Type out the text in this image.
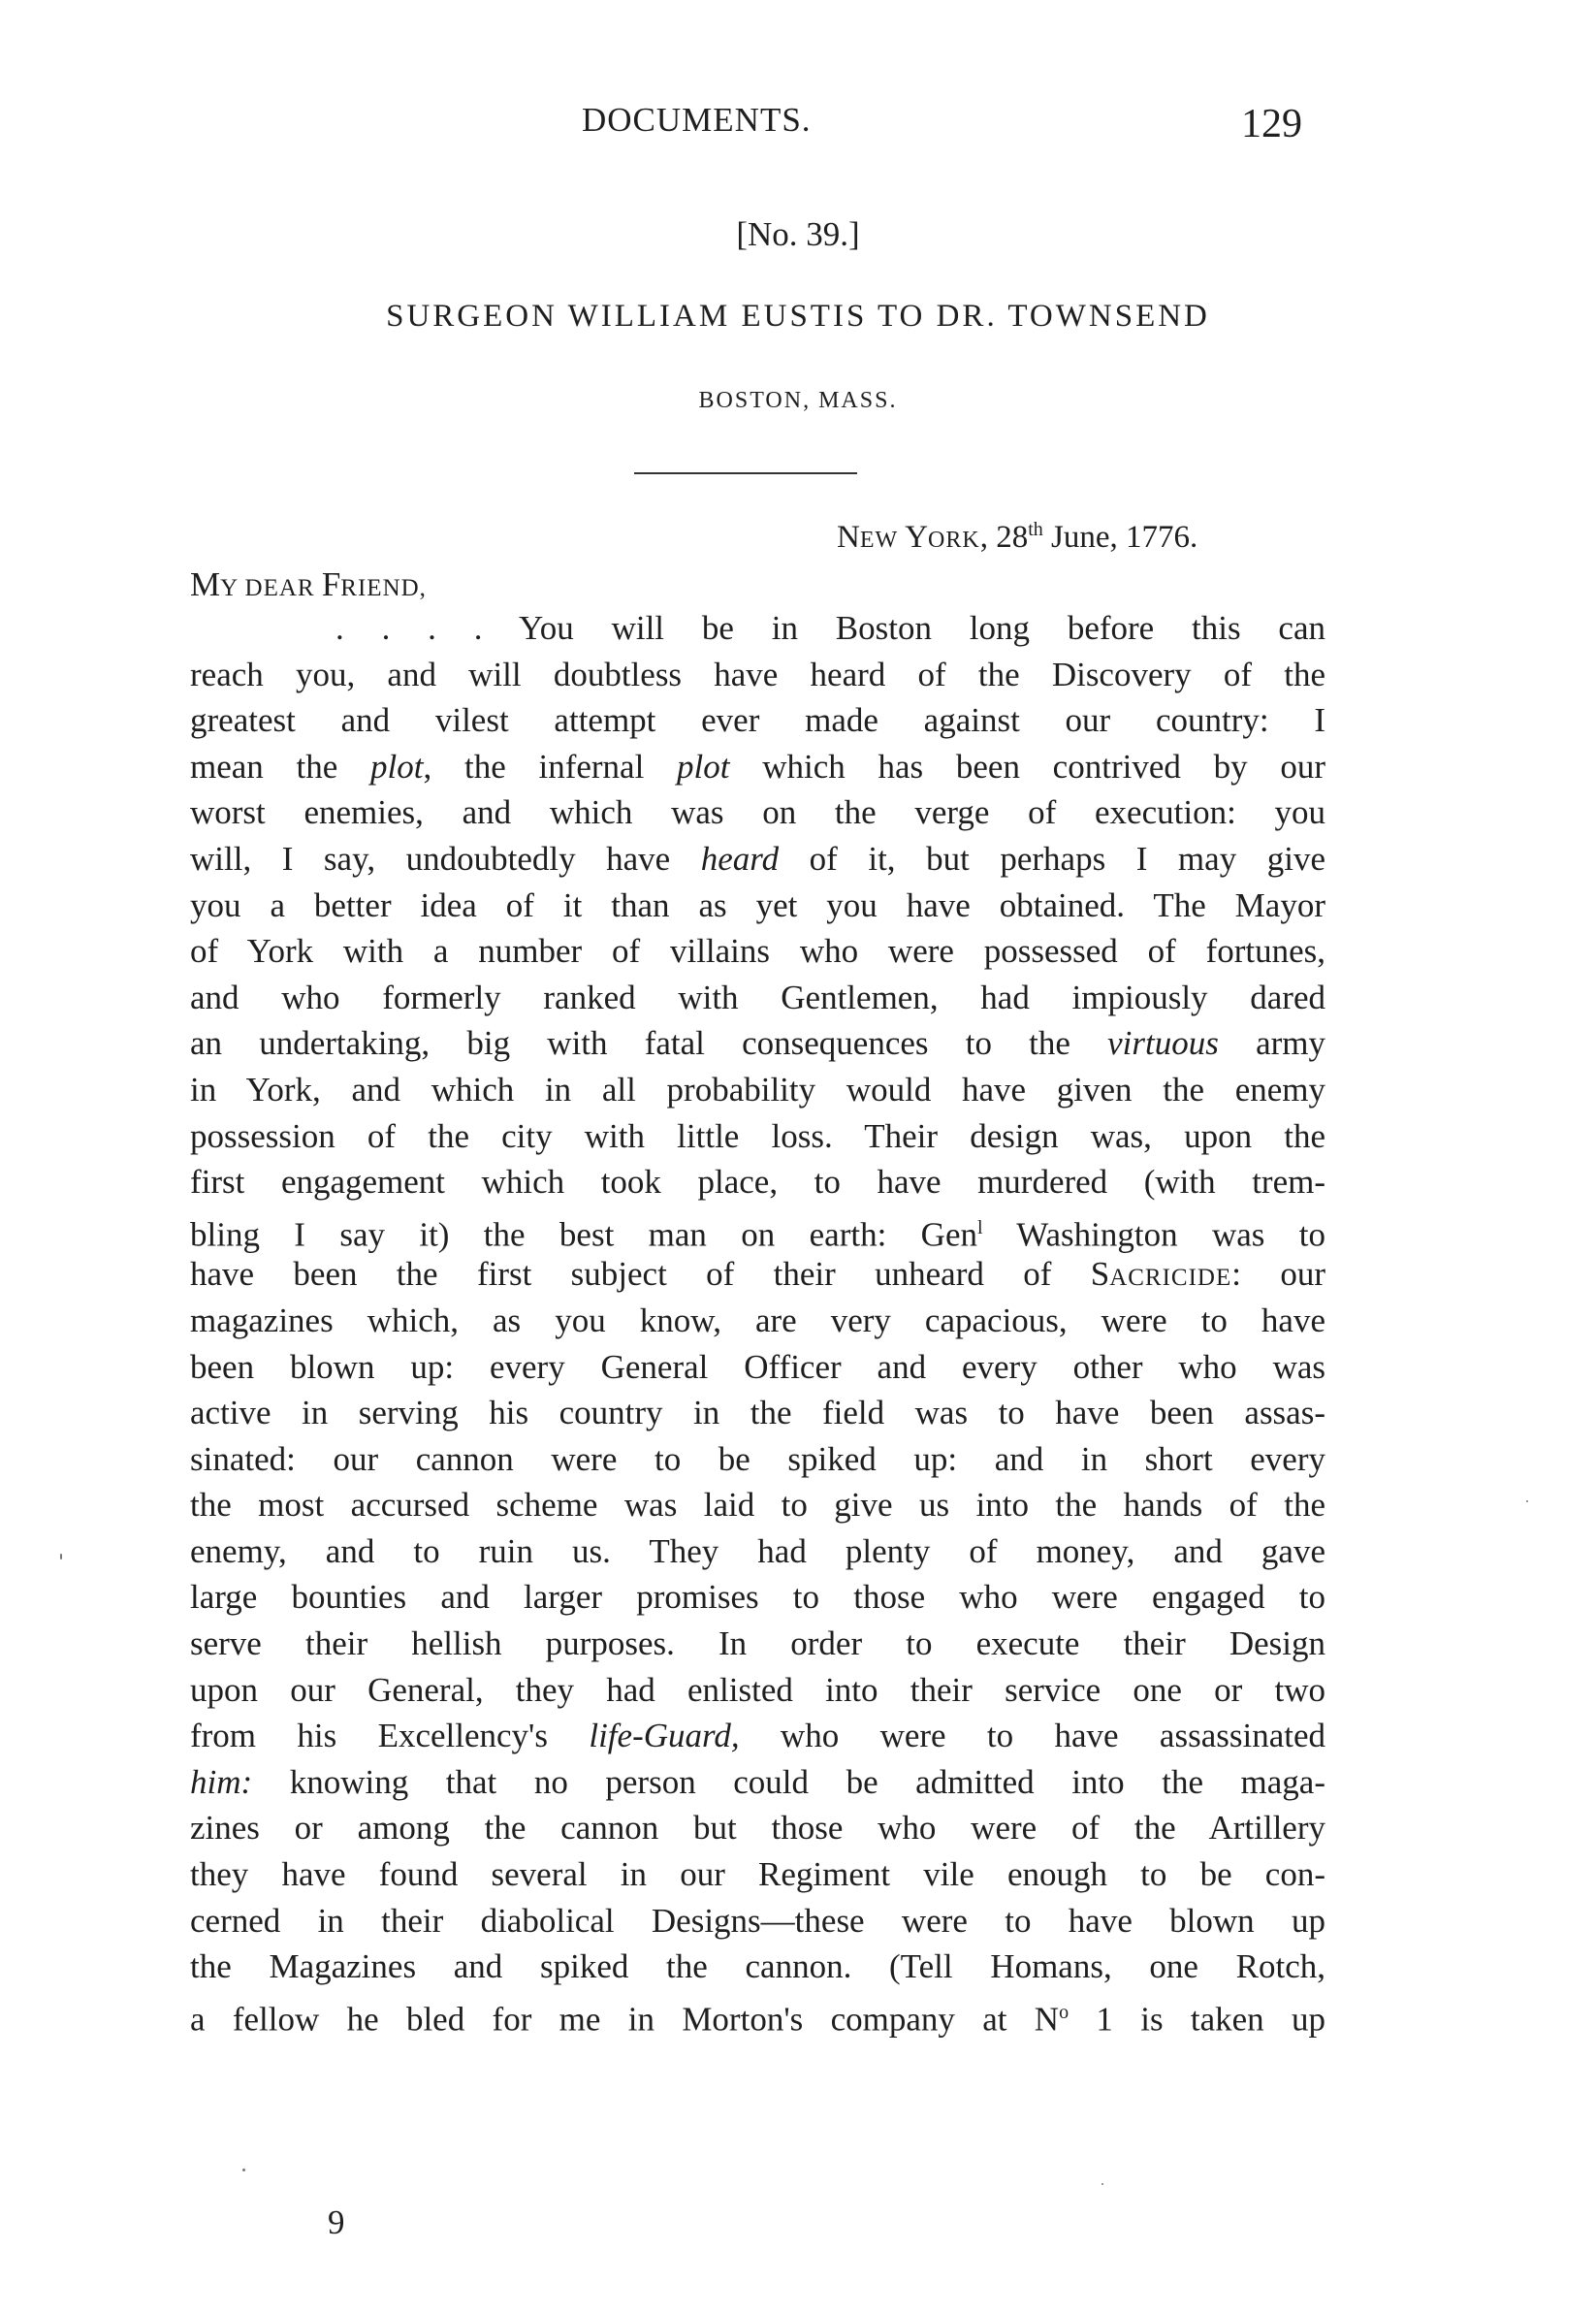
DOCUMENTS.	129
[No. 39.]
SURGEON WILLIAM EUSTIS TO DR. TOWNSEND
BOSTON, MASS.
NEW YORK, 28th June, 1776.
MY DEAR FRIEND,
. . . . You will be in Boston long before this can
reach you, and will doubtless have heard of the Discovery of the
greatest and vilest attempt ever made against our country: I
mean the plot, the infernal plot which has been contrived by our
worst enemies, and which was on the verge of execution: you
will, I say, undoubtedly have heard of it, but perhaps I may give
you a better idea of it than as yet you have obtained. The Mayor
of York with a number of villains who were possessed of fortunes,
and who formerly ranked with Gentlemen, had impiously dared
an undertaking, big with fatal consequences to the virtuous army
in York, and which in all probability would have given the enemy
possession of the city with little loss. Their design was, upon the
first engagement which took place, to have murdered (with trem-
bling I say it) the best man on earth: Gen$^l$ Washington was to
have been the first subject of their unheard of SACRICIDE: our
magazines which, as you know, are very capacious, were to have
been blown up: every General Officer and every other who was
active in serving his country in the field was to have been assas-
sinated: our cannon were to be spiked up: and in short every
the most accursed scheme was laid to give us into the hands of the
enemy, and to ruin us. They had plenty of money, and gave
large bounties and larger promises to those who were engaged to
serve their hellish purposes. In order to execute their Design
upon our General, they had enlisted into their service one or two
from his Excellency's life-Guard, who were to have assassinated
him: knowing that no person could be admitted into the maga-
zines or among the cannon but those who were of the Artillery
they have found several in our Regiment vile enough to be con-
cerned in their diabolical Designs—these were to have blown up
the Magazines and spiked the cannon. (Tell Homans, one Rotch,
a fellow he bled for me in Morton's company at $N^o$ 1 is taken up
9
